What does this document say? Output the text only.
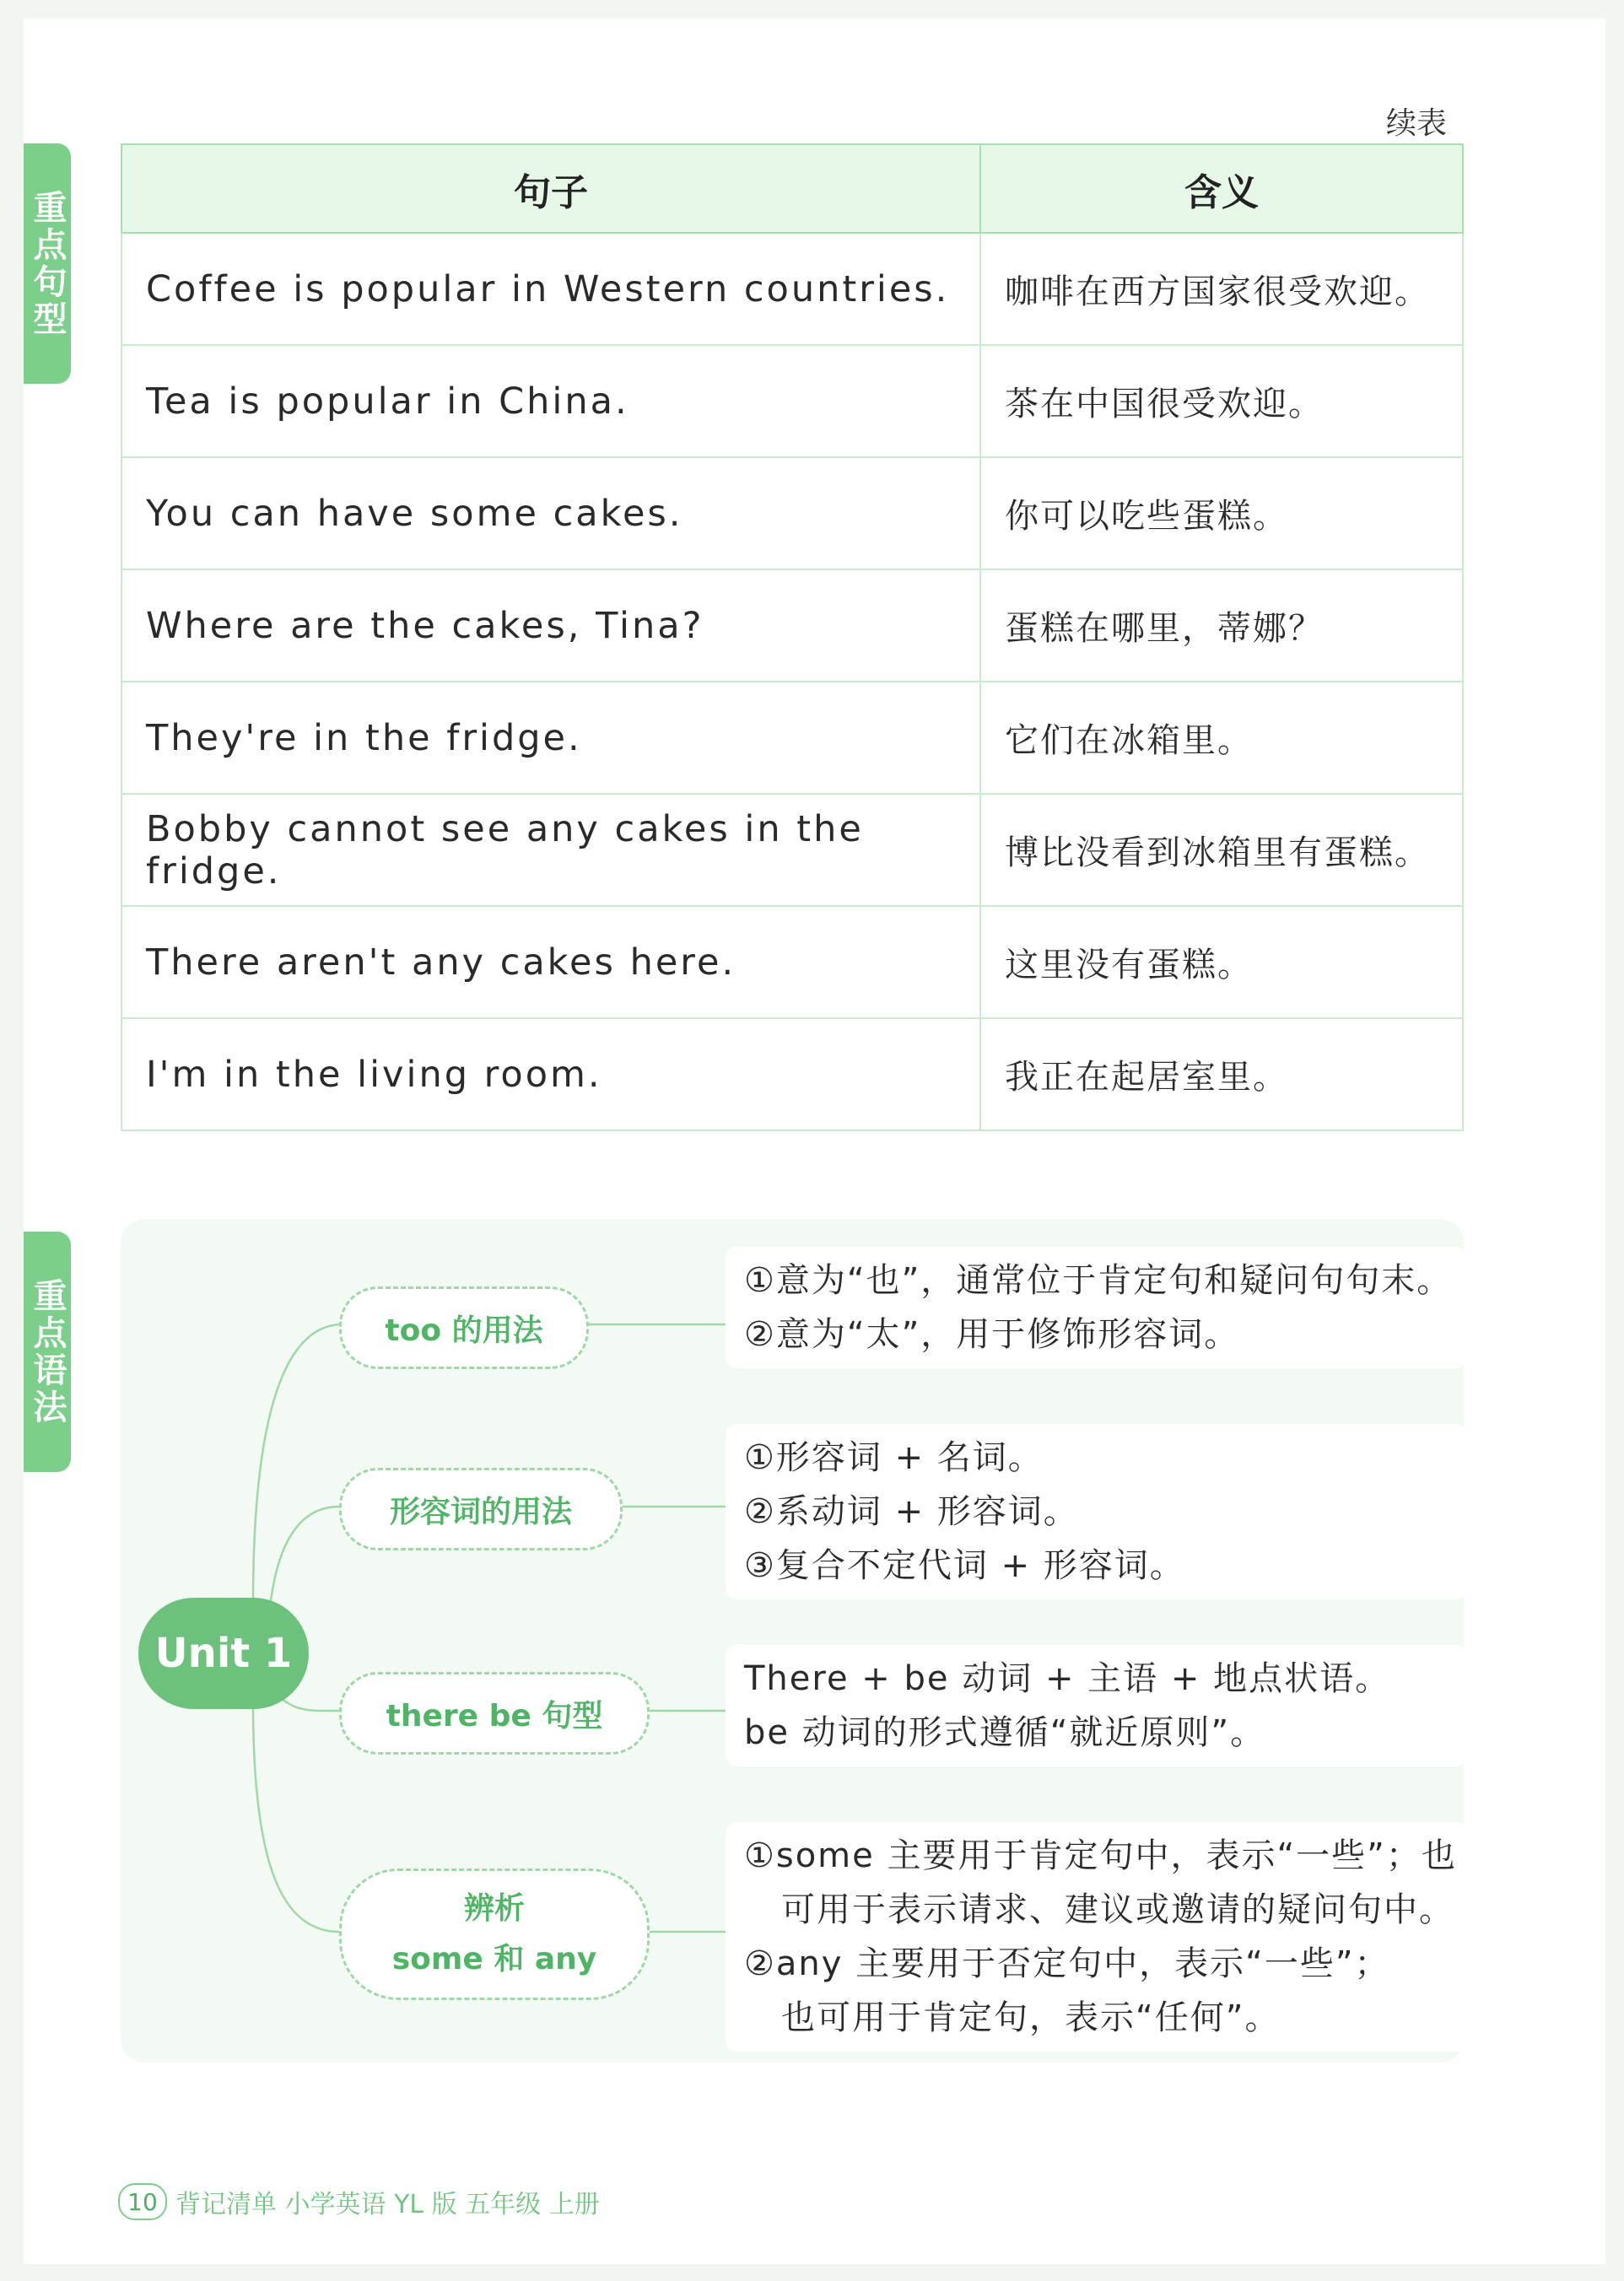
续表
重点句型
重点语法
句子	含义
Coffee is popular in Western countries.	咖啡在西方国家很受欢迎。
Tea is popular in China.	茶在中国很受欢迎。
You can have some cakes.	你可以吃些蛋糕。
Where are the cakes, Tina?	蛋糕在哪里，蒂娜？
They're in the fridge.	它们在冰箱里。
Bobby cannot see any cakes in the fridge.	博比没看到冰箱里有蛋糕。
There aren't any cakes here.	这里没有蛋糕。
I'm in the living room.	我正在起居室里。
Unit 1
too 的用法
形容词的用法
there be 句型
辨析
some 和 any
①意为“也”，通常位于肯定句和疑问句句末。
②意为“太”，用于修饰形容词。
①形容词 + 名词。
②系动词 + 形容词。
③复合不定代词 + 形容词。
There + be 动词 + 主语 + 地点状语。
be 动词的形式遵循“就近原则”。
①some 主要用于肯定句中，表示“一些”；也
可用于表示请求、建议或邀请的疑问句中。
②any 主要用于否定句中，表示“一些”；
也可用于肯定句，表示“任何”。
10 背记清单 小学英语 YL 版 五年级 上册
